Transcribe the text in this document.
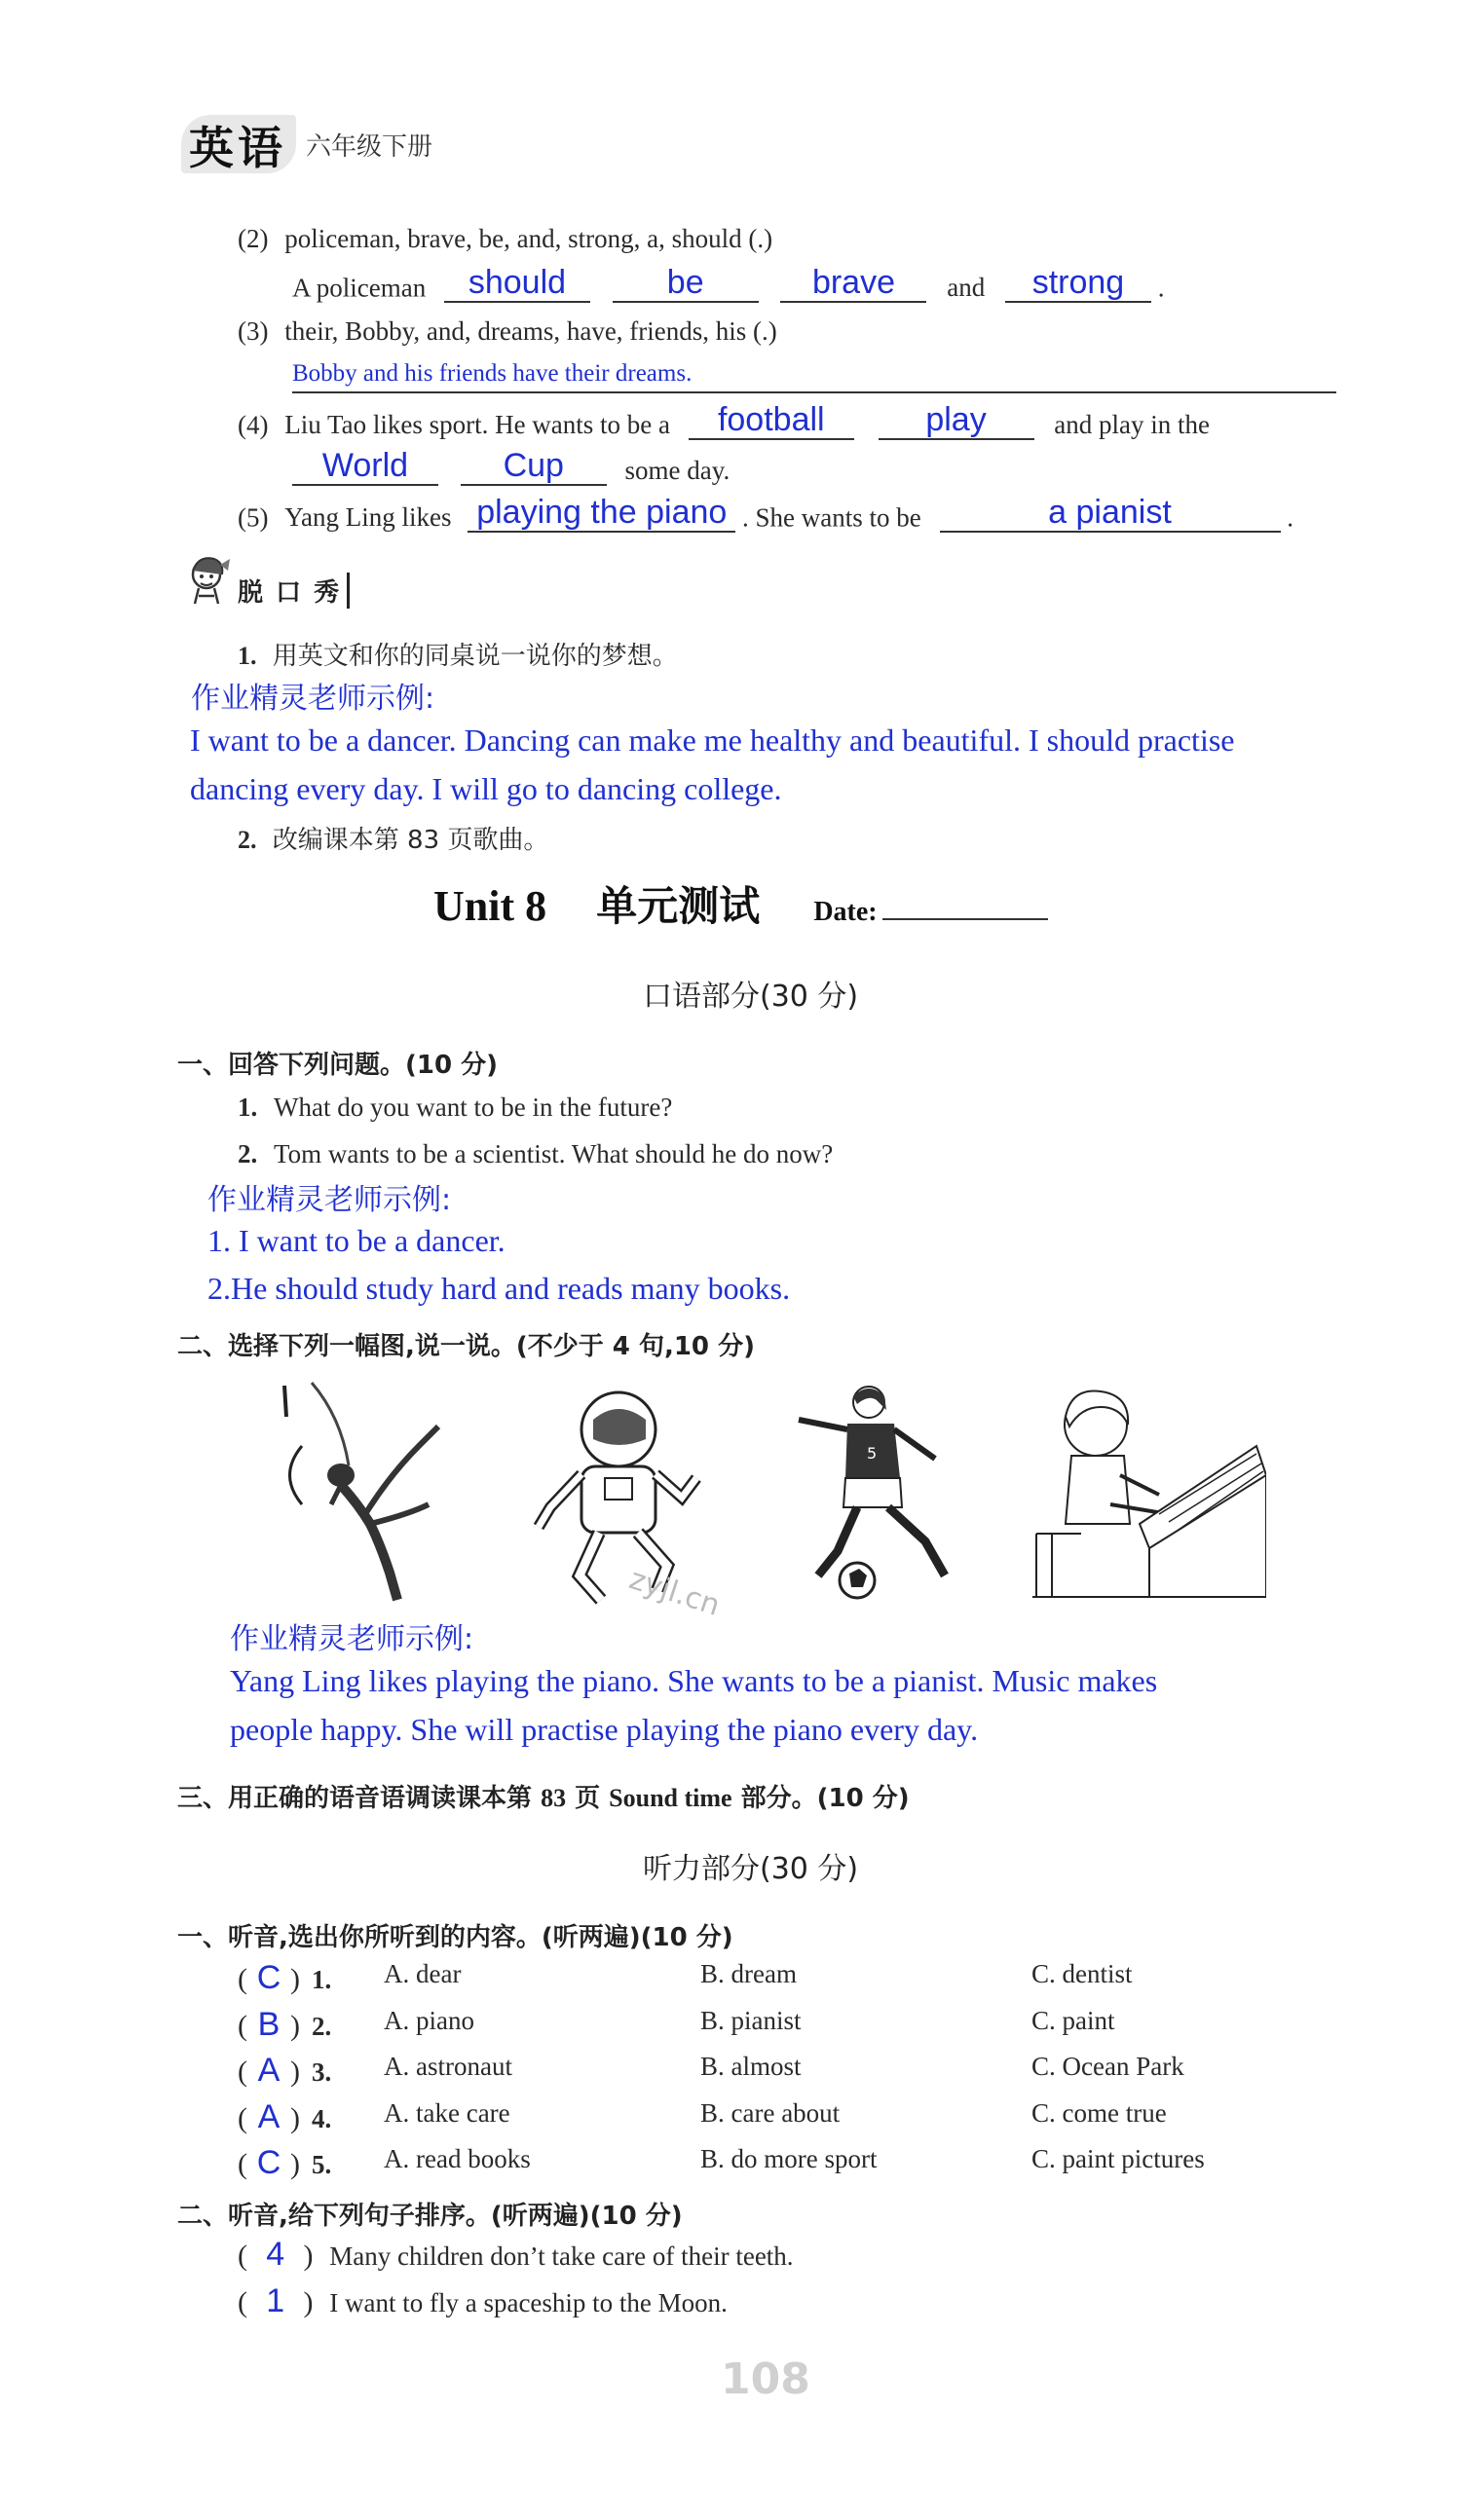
英语 六年级下册
(2) policeman, brave, be, and, strong, a, should (.)
A policeman should	be	brave and strong .
(3) their, Bobby, and, dreams, have, friends, his (.)
Bobby and his friends have their dreams.
(4) Liu Tao likes sport. He wants to be a football	play	and play in the
World	Cup some day.
(5) Yang Ling likes playing the piano . She wants to be	a pianist	.
脱 口 秀
1. 用英文和你的同桌说一说你的梦想。
作业精灵老师示例:
I want to be a dancer. Dancing can make me healthy and beautiful. I should practise
dancing every day. I will go to dancing college.
2. 改编课本第 83 页歌曲。
Unit 8 单元测试 Date:
口语部分(30 分)
一、回答下列问题。(10 分)
1. What do you want to be in the future?
2. Tom wants to be a scientist. What should he do now?
作业精灵老师示例:
1. I want to be a dancer.
2.He should study hard and reads many books.
二、选择下列一幅图,说一说。(不少于 4 句,10 分)
5
zyjl.cn
作业精灵老师示例:
Yang Ling likes playing the piano. She wants to be a pianist. Music makes
people happy. She will practise playing the piano every day.
三、用正确的语音语调读课本第 83 页 Sound time 部分。(10 分)
听力部分(30 分)
一、听音,选出你所听到的内容。(听两遍)(10 分)
( C ) 1. A. dear	B. dream	C. dentist
( B ) 2. A. piano	B. pianist	C. paint
( A ) 3. A. astronaut	B. almost	C. Ocean Park
( A ) 4. A. take care	B. care about	C. come true
( C ) 5. A. read books	B. do more sport	C. paint pictures
二、听音,给下列句子排序。(听两遍)(10 分)
( 4 ) Many children don’t take care of their teeth.
( 1 ) I want to fly a spaceship to the Moon.
108
